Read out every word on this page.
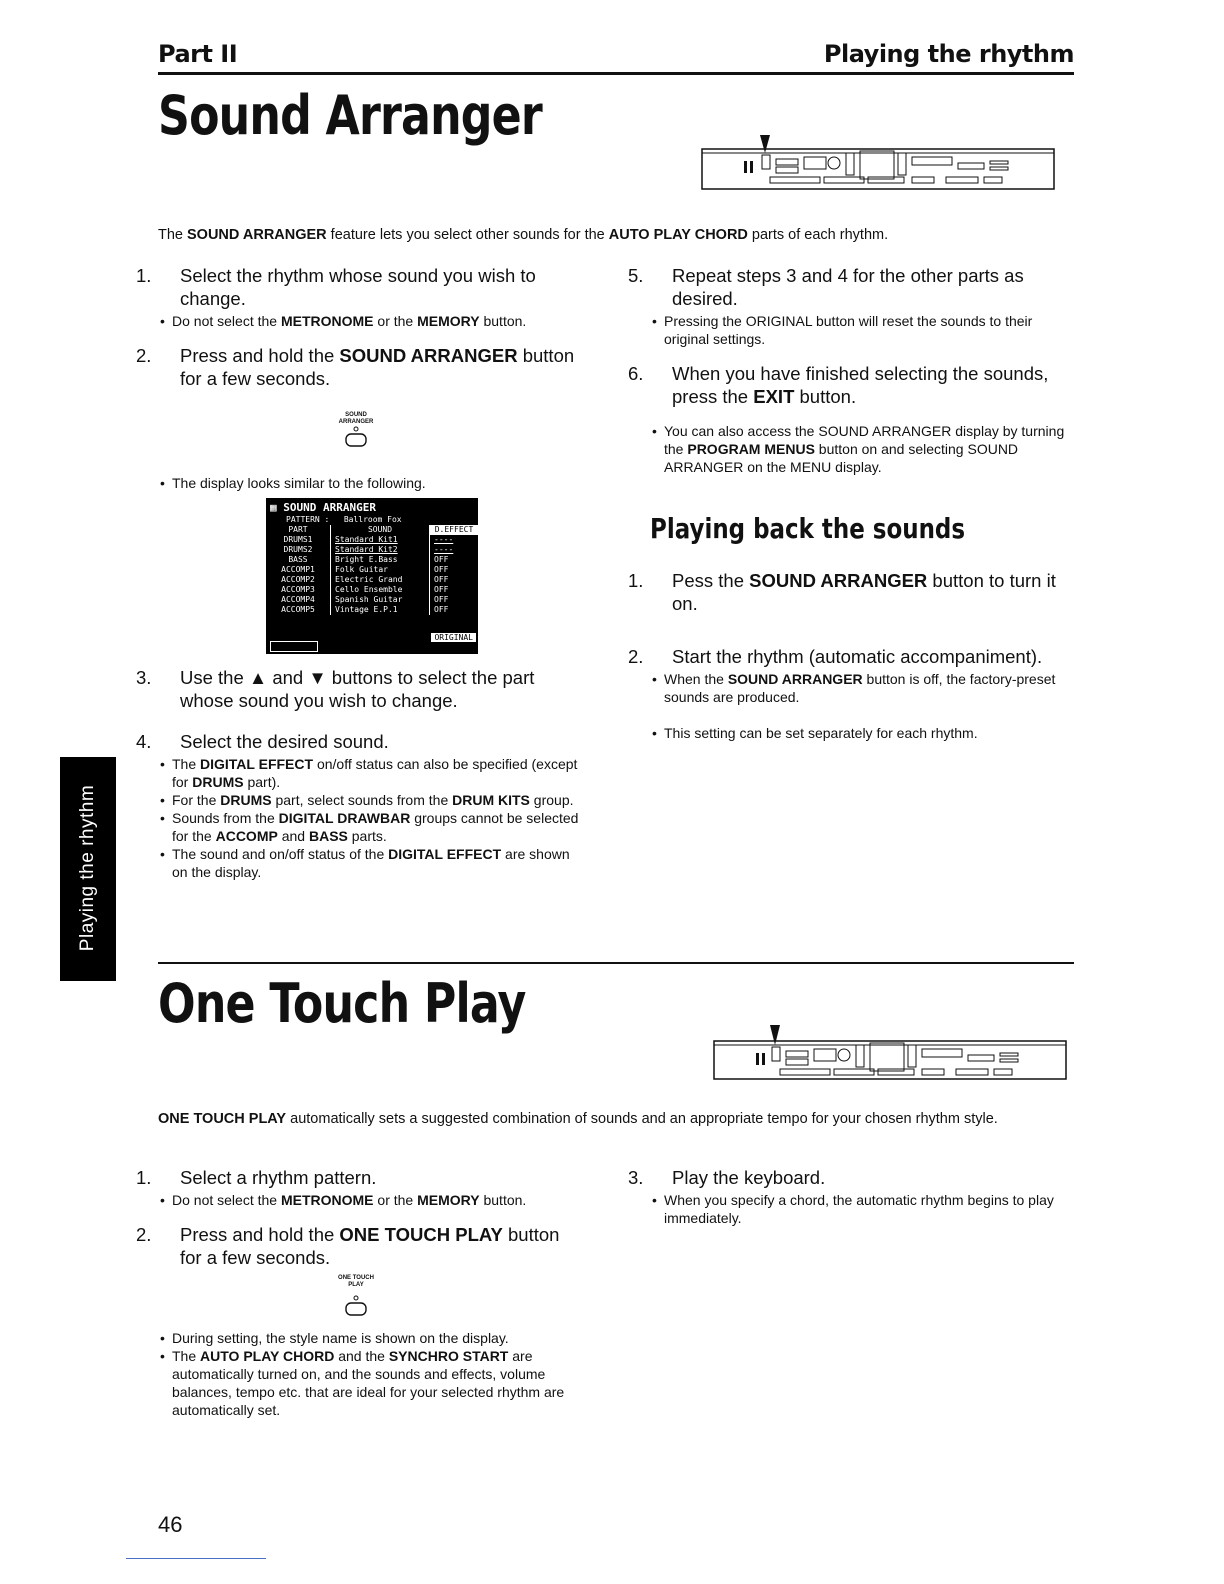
Part II	Playing the rhythm
Playing the rhythm
Sound Arranger
The SOUND ARRANGER feature lets you select other sounds for the AUTO PLAY CHORD parts of each rhythm.
1. Select the rhythm whose sound you wish to change.
• Do not select the METRONOME or the MEMORY button.
2. Press and hold the SOUND ARRANGER button for a few seconds.
SOUND ARRANGER
• The display looks similar to the following.
▦ SOUND ARRANGER
PATTERN : Ballroom Fox
PART	SOUND	D.EFFECT
DRUMS1	Standard Kit1	----
DRUMS2	Standard Kit2	----
BASS	Bright E.Bass	OFF
ACCOMP1	Folk Guitar	OFF
ACCOMP2	Electric Grand	OFF
ACCOMP3	Cello Ensemble	OFF
ACCOMP4	Spanish Guitar	OFF
ACCOMP5	Vintage E.P.1	OFF
ORIGINAL
3. Use the ▲ and ▼ buttons to select the part whose sound you wish to change.
4. Select the desired sound.
• The DIGITAL EFFECT on/off status can also be specified (except for DRUMS part).
• For the DRUMS part, select sounds from the DRUM KITS group.
• Sounds from the DIGITAL DRAWBAR groups cannot be selected for the ACCOMP and BASS parts.
• The sound and on/off status of the DIGITAL EFFECT are shown on the display.
5. Repeat steps 3 and 4 for the other parts as desired.
• Pressing the ORIGINAL button will reset the sounds to their original settings.
6. When you have finished selecting the sounds, press the EXIT button.
• You can also access the SOUND ARRANGER display by turning the PROGRAM MENUS button on and selecting SOUND ARRANGER on the MENU display.
Playing back the sounds
1. Pess the SOUND ARRANGER button to turn it on.
2. Start the rhythm (automatic accompaniment).
• When the SOUND ARRANGER button is off, the factory-preset sounds are produced.
• This setting can be set separately for each rhythm.
One Touch Play
ONE TOUCH PLAY automatically sets a suggested combination of sounds and an appropriate tempo for your chosen rhythm style.
1. Select a rhythm pattern.
• Do not select the METRONOME or the MEMORY button.
2. Press and hold the ONE TOUCH PLAY button for a few seconds.
ONE TOUCH PLAY
• During setting, the style name is shown on the display.
• The AUTO PLAY CHORD and the SYNCHRO START are automatically turned on, and the sounds and effects, volume balances, tempo etc. that are ideal for your selected rhythm are automatically set.
3. Play the keyboard.
• When you specify a chord, the automatic rhythm begins to play immediately.
46
